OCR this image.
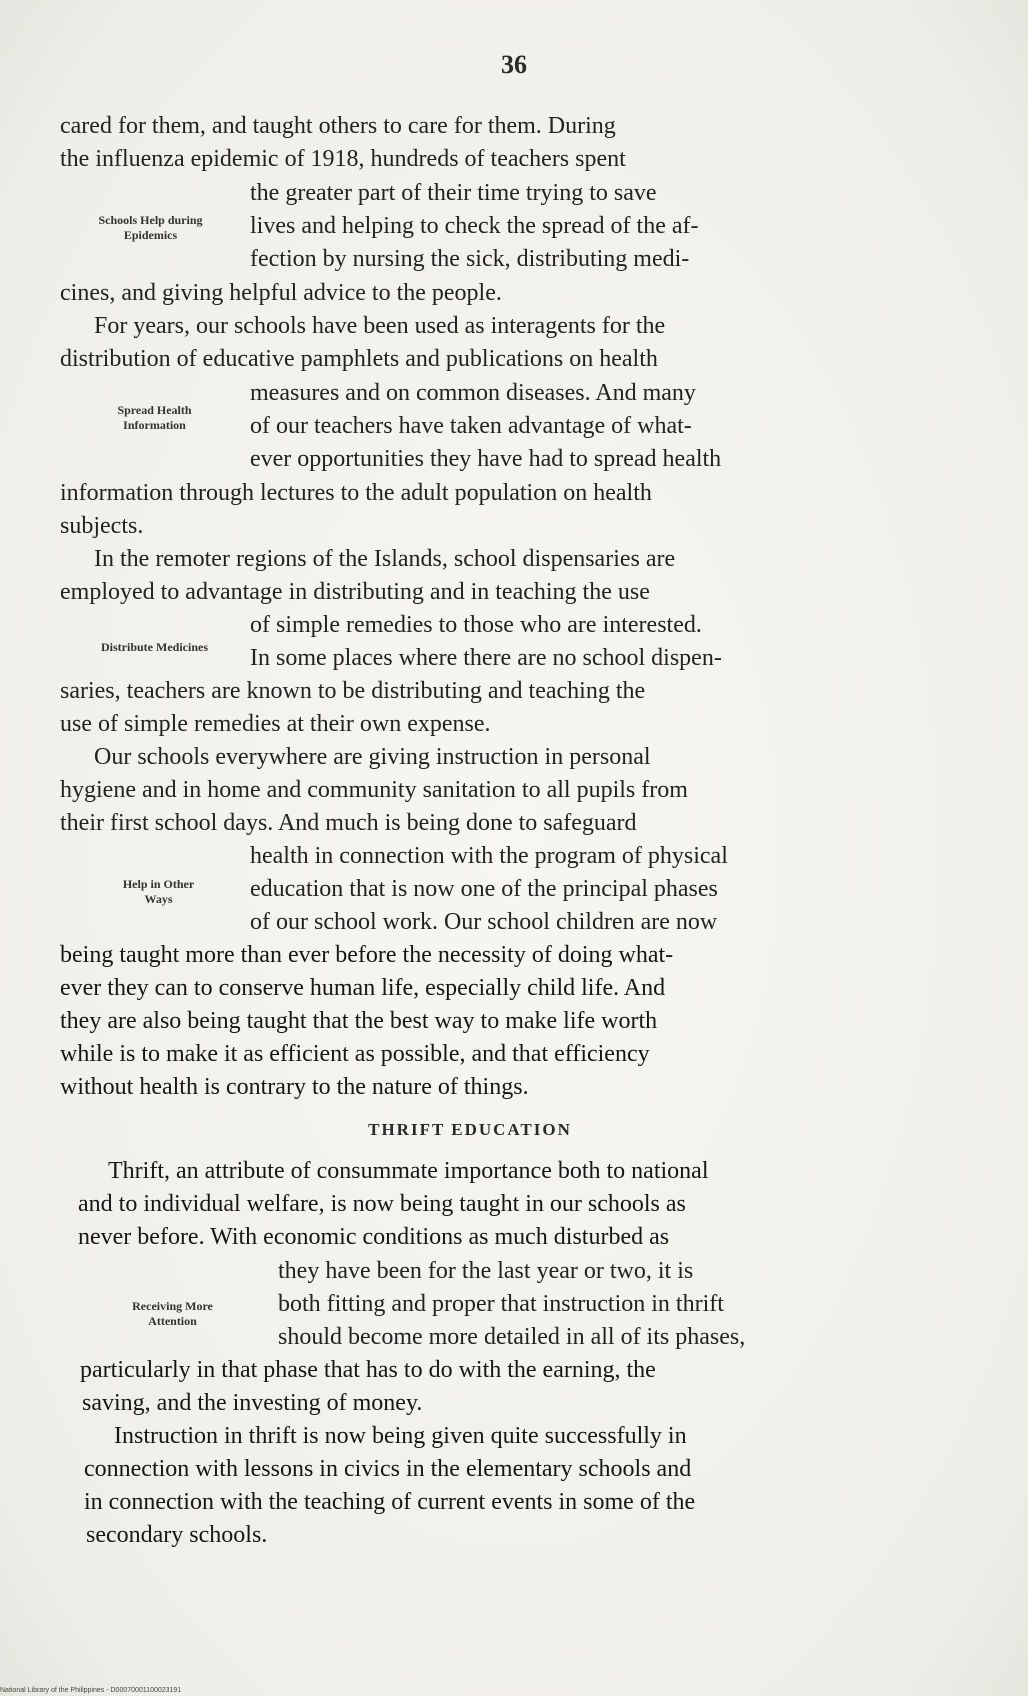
36
Schools Help during
Epidemics
Spread Health
Information
Distribute Medicines
Help in Other
Ways
Receiving More
Attention
cared for them, and taught others to care for them. During
the influenza epidemic of 1918, hundreds of teachers spent
the greater part of their time trying to save
lives and helping to check the spread of the af-
fection by nursing the sick, distributing medi-
cines, and giving helpful advice to the people.
For years, our schools have been used as interagents for the
distribution of educative pamphlets and publications on health
measures and on common diseases. And many
of our teachers have taken advantage of what-
ever opportunities they have had to spread health
information through lectures to the adult population on health
subjects.
In the remoter regions of the Islands, school dispensaries are
employed to advantage in distributing and in teaching the use
of simple remedies to those who are interested.
In some places where there are no school dispen-
saries, teachers are known to be distributing and teaching the
use of simple remedies at their own expense.
Our schools everywhere are giving instruction in personal
hygiene and in home and community sanitation to all pupils from
their first school days. And much is being done to safeguard
health in connection with the program of physical
education that is now one of the principal phases
of our school work. Our school children are now
being taught more than ever before the necessity of doing what-
ever they can to conserve human life, especially child life. And
they are also being taught that the best way to make life worth
while is to make it as efficient as possible, and that efficiency
without health is contrary to the nature of things.
THRIFT EDUCATION
Thrift, an attribute of consummate importance both to national
and to individual welfare, is now being taught in our schools as
never before. With economic conditions as much disturbed as
they have been for the last year or two, it is
both fitting and proper that instruction in thrift
should become more detailed in all of its phases,
particularly in that phase that has to do with the earning, the
saving, and the investing of money.
Instruction in thrift is now being given quite successfully in
connection with lessons in civics in the elementary schools and
in connection with the teaching of current events in some of the
secondary schools.
National Library of the Philippines - D00070001100023191
